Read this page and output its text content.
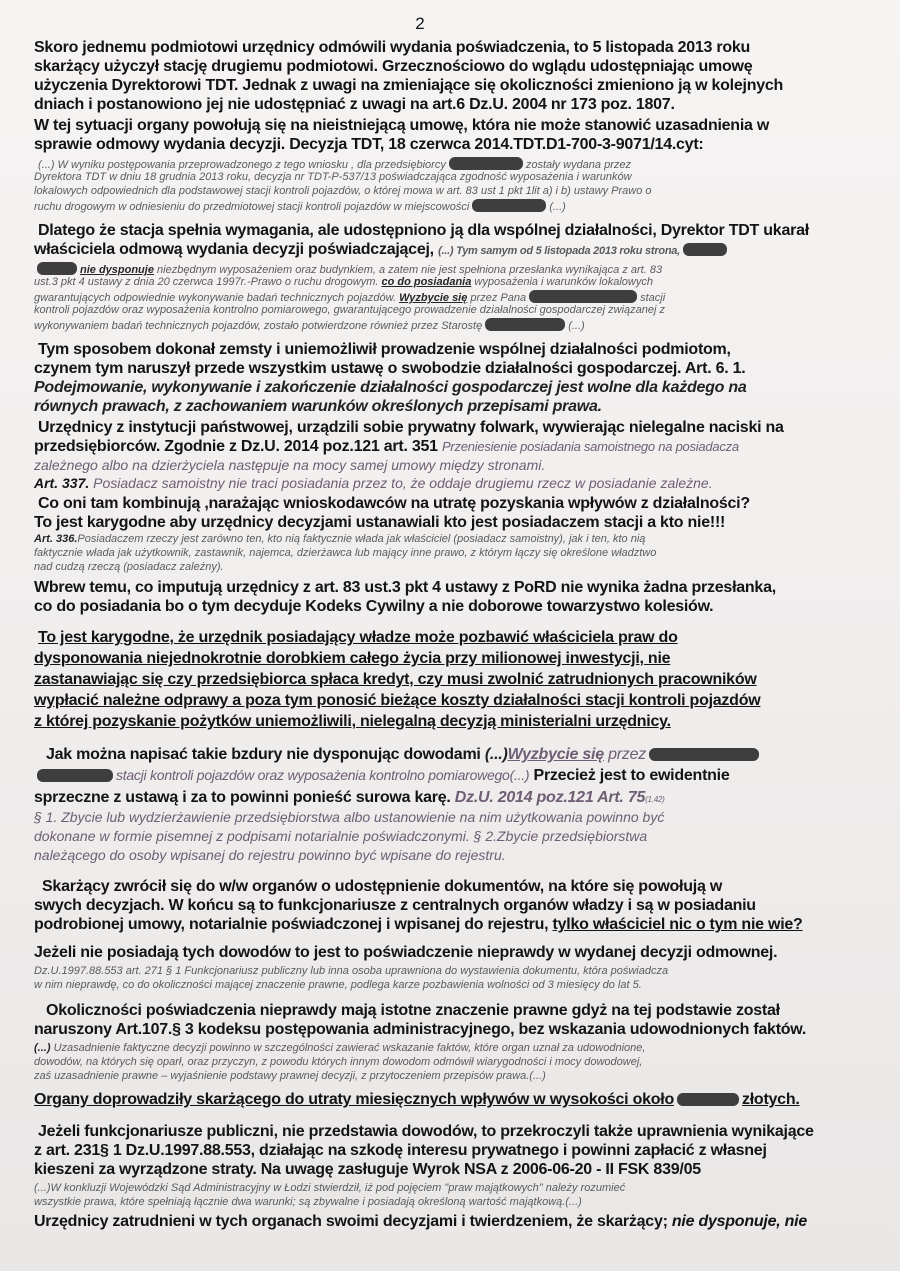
2
Skoro jednemu podmiotowi urzędnicy odmówili wydania poświadczenia, to 5 listopada 2013 roku
skarżący użyczył stację drugiemu podmiotowi. Grzecznościowo do wglądu udostępniając umowę
użyczenia Dyrektorowi TDT. Jednak z uwagi na zmieniające się okoliczności zmieniono ją w kolejnych
dniach i postanowiono jej nie udostępniać z uwagi na art.6 Dz.U. 2004 nr 173 poz. 1807.
W tej sytuacji organy powołują się na nieistniejącą umowę, która nie może stanowić uzasadnienia w
sprawie odmowy wydania decyzji. Decyzja TDT, 18 czerwca 2014.TDT.D1-700-3-9071/14.cyt:
(...) W wyniku postępowania przeprowadzonego z tego wniosku , dla przedsiębiorcy	zostały wydana przez
Dyrektora TDT w dniu 18 grudnia 2013 roku, decyzja nr TDT-P-537/13 poświadczająca zgodność wyposażenia i warunków
lokalowych odpowiednich dla podstawowej stacji kontroli pojazdów, o której mowa w art. 83 ust 1 pkt 1lit a) i b) ustawy Prawo o
ruchu drogowym w odniesieniu do przedmiotowej stacji kontroli pojazdów w miejscowości	(...)
Dlatego że stacja spełnia wymagania, ale udostępniono ją dla wspólnej działalności, Dyrektor TDT ukarał
właściciela odmową wydania decyzji poświadczającej, (...) Tym samym od 5 listopada 2013 roku strona,
nie dysponuje niezbędnym wyposażeniem oraz budynkiem, a zatem nie jest spełniona przesłanka wynikająca z art. 83
ust.3 pkt 4 ustawy z dnia 20 czerwca 1997r.-Prawo o ruchu drogowym. co do posiadania wyposażenia i warunków lokalowych
gwarantujących odpowiednie wykonywanie badań technicznych pojazdów. Wyzbycie się przez Pana	stacji
kontroli pojazdów oraz wyposażenia kontrolno pomiarowego, gwarantującego prowadzenie działalności gospodarczej związanej z
wykonywaniem badań technicznych pojazdów, zostało potwierdzone również przez Starostę	(...)
Tym sposobem dokonał zemsty i uniemożliwił prowadzenie wspólnej działalności podmiotom,
czynem tym naruszył przede wszystkim ustawę o swobodzie działalności gospodarczej. Art. 6. 1.
Podejmowanie, wykonywanie i zakończenie działalności gospodarczej jest wolne dla każdego na
równych prawach, z zachowaniem warunków określonych przepisami prawa.
Urzędnicy z instytucji państwowej, urządzili sobie prywatny folwark, wywierając nielegalne naciski na
przedsiębiorców. Zgodnie z Dz.U. 2014 poz.121 art. 351 Przeniesienie posiadania samoistnego na posiadacza
zależnego albo na dzierżyciela następuje na mocy samej umowy między stronami.
Art. 337. Posiadacz samoistny nie traci posiadania przez to, że oddaje drugiemu rzecz w posiadanie zależne.
Co oni tam kombinują ,narażając wnioskodawców na utratę pozyskania wpływów z działalności?
To jest karygodne aby urzędnicy decyzjami ustanawiali kto jest posiadaczem stacji a kto nie!!!
Art. 336.Posiadaczem rzeczy jest zarówno ten, kto nią faktycznie włada jak właściciel (posiadacz samoistny), jak i ten, kto nią
faktycznie włada jak użytkownik, zastawnik, najemca, dzierżawca lub mający inne prawo, z którym łączy się określone władztwo
nad cudzą rzeczą (posiadacz zależny).
Wbrew temu, co imputują urzędnicy z art. 83 ust.3 pkt 4 ustawy z PoRD nie wynika żadna przesłanka,
co do posiadania bo o tym decyduje Kodeks Cywilny a nie doborowe towarzystwo kolesiów.
To jest karygodne, że urzędnik posiadający władze może pozbawić właściciela praw do
dysponowania niejednokrotnie dorobkiem całego życia przy milionowej inwestycji, nie
zastanawiając się czy przedsiębiorca spłaca kredyt, czy musi zwolnić zatrudnionych pracowników
wypłacić należne odprawy a poza tym ponosić bieżące koszty działalności stacji kontroli pojazdów
z której pozyskanie pożytków uniemożliwili, nielegalną decyzją ministerialni urzędnicy.
Jak można napisać takie bzdury nie dysponując dowodami (...)Wyzbycie się przez
stacji kontroli pojazdów oraz wyposażenia kontrolno pomiarowego(...) Przecież jest to ewidentnie
sprzeczne z ustawą i za to powinni ponieść surowa karę. Dz.U. 2014 poz.121 Art. 75(1.42)
§ 1. Zbycie lub wydzierżawienie przedsiębiorstwa albo ustanowienie na nim użytkowania powinno być
dokonane w formie pisemnej z podpisami notarialnie poświadczonymi. § 2.Zbycie przedsiębiorstwa
należącego do osoby wpisanej do rejestru powinno być wpisane do rejestru.
Skarżący zwrócił się do w/w organów o udostępnienie dokumentów, na które się powołują w
swych decyzjach. W końcu są to funkcjonariusze z centralnych organów władzy i są w posiadaniu
podrobionej umowy, notarialnie poświadczonej i wpisanej do rejestru, tylko właściciel nic o tym nie wie?
Jeżeli nie posiadają tych dowodów to jest to poświadczenie nieprawdy w wydanej decyzji odmownej.
Dz.U.1997.88.553 art. 271 § 1 Funkcjonariusz publiczny lub inna osoba uprawniona do wystawienia dokumentu, która poświadcza
w nim nieprawdę, co do okoliczności mającej znaczenie prawne, podlega karze pozbawienia wolności od 3 miesięcy do lat 5.
Okoliczności poświadczenia nieprawdy mają istotne znaczenie prawne gdyż na tej podstawie został
naruszony Art.107.§ 3 kodeksu postępowania administracyjnego, bez wskazania udowodnionych faktów.
(...) Uzasadnienie faktyczne decyzji powinno w szczególności zawierać wskazanie faktów, które organ uznał za udowodnione,
dowodów, na których się oparł, oraz przyczyn, z powodu których innym dowodom odmówił wiarygodności i mocy dowodowej,
zaś uzasadnienie prawne – wyjaśnienie podstawy prawnej decyzji, z przytoczeniem przepisów prawa.(...)
Organy doprowadziły skarżącego do utraty miesięcznych wpływów w wysokości około	złotych.
Jeżeli funkcjonariusze publiczni, nie przedstawia dowodów, to przekroczyli także uprawnienia wynikające
z art. 231§ 1 Dz.U.1997.88.553, działając na szkodę interesu prywatnego i powinni zapłacić z własnej
kieszeni za wyrządzone straty. Na uwagę zasługuje Wyrok NSA z 2006-06-20 - II FSK 839/05
(...)W konkluzji Wojewódzki Sąd Administracyjny w Łodzi stwierdził, iż pod pojęciem "praw majątkowych" należy rozumieć
wszystkie prawa, które spełniają łącznie dwa warunki; są zbywalne i posiadają określoną wartość majątkową.(...)
Urzędnicy zatrudnieni w tych organach swoimi decyzjami i twierdzeniem, że skarżący; nie dysponuje, nie
